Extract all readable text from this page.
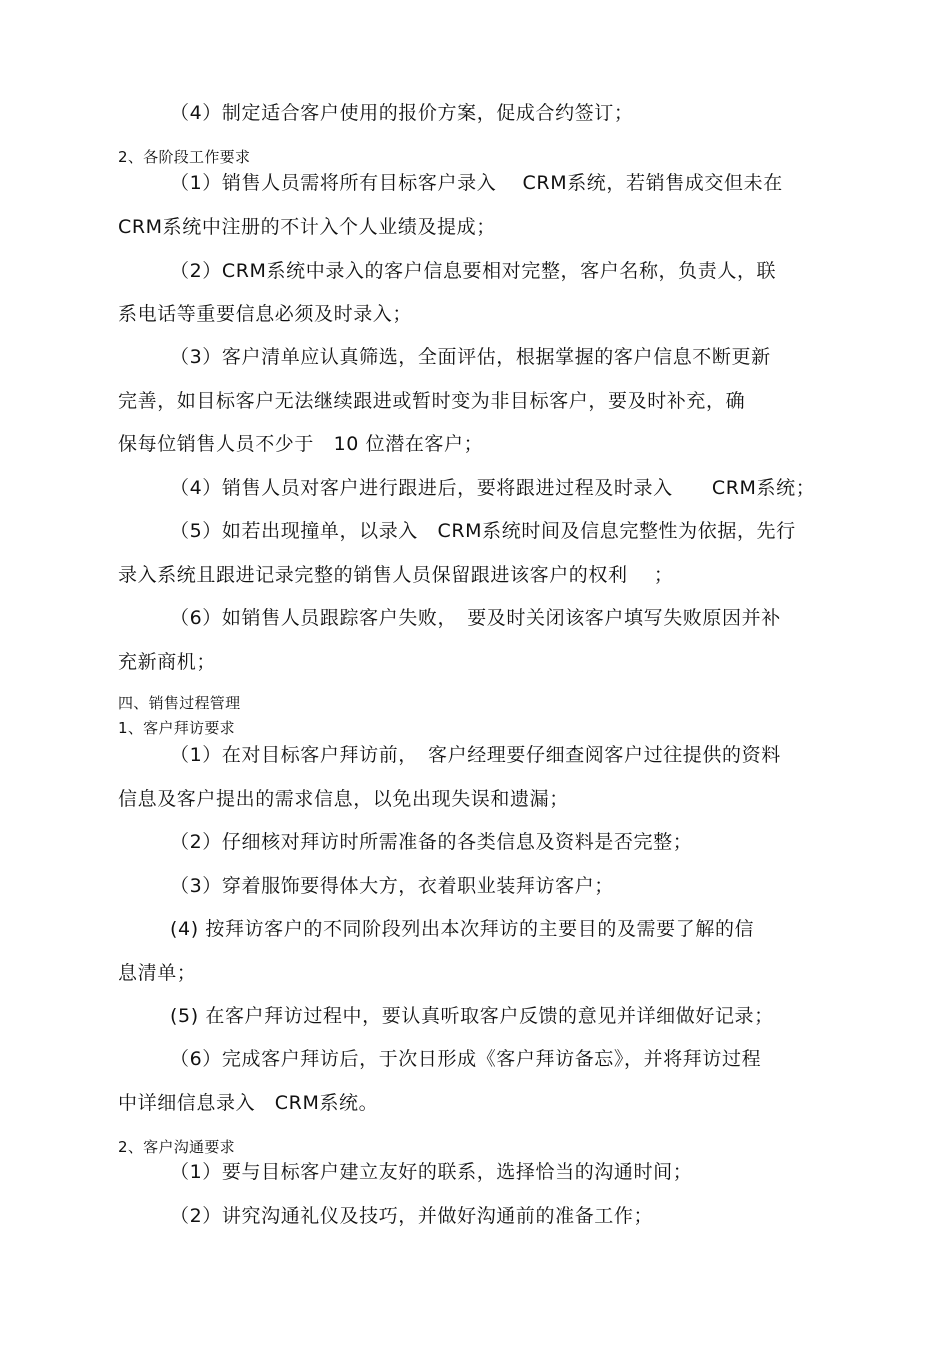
（4）制定适合客户使用的报价方案，促成合约签订；
2、各阶段工作要求
（1）销售人员需将所有目标客户录入　 CRM系统，若销售成交但未在
CRM系统中注册的不计入个人业绩及提成；
（2）CRM系统中录入的客户信息要相对完整，客户名称，负责人，联
系电话等重要信息必须及时录入；
（3）客户清单应认真筛选，全面评估，根据掌握的客户信息不断更新
完善，如目标客户无法继续跟进或暂时变为非目标客户，要及时补充，确
保每位销售人员不少于　10 位潜在客户；
（4）销售人员对客户进行跟进后，要将跟进过程及时录入　　CRM系统；
（5）如若出现撞单，以录入　CRM系统时间及信息完整性为依据，先行
录入系统且跟进记录完整的销售人员保留跟进该客户的权利　 ；
（6）如销售人员跟踪客户失败，　要及时关闭该客户填写失败原因并补
充新商机；
四、销售过程管理
1、客户拜访要求
（1）在对目标客户拜访前，　客户经理要仔细查阅客户过往提供的资料
信息及客户提出的需求信息，以免出现失误和遗漏；
（2）仔细核对拜访时所需准备的各类信息及资料是否完整；
（3）穿着服饰要得体大方，衣着职业装拜访客户；
(4) 按拜访客户的不同阶段列出本次拜访的主要目的及需要了解的信
息清单；
(5) 在客户拜访过程中，要认真听取客户反馈的意见并详细做好记录；
（6）完成客户拜访后，于次日形成《客户拜访备忘》，并将拜访过程
中详细信息录入　CRM系统。
2、客户沟通要求
（1）要与目标客户建立友好的联系，选择恰当的沟通时间；
（2）讲究沟通礼仪及技巧，并做好沟通前的准备工作；
